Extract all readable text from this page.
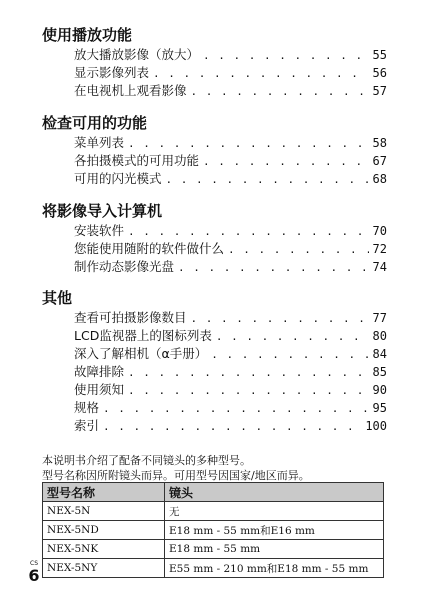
使用播放功能
放大播放影像（放大） . . .	55
显示影像列表 . . .	56
在电视机上观看影像 . . .	57
检查可用的功能
菜单列表 . . .	58
各拍摄模式的可用功能 . . .	67
可用的闪光模式 . . .	68
将影像导入计算机
安装软件 . . .	70
您能使用随附的软件做什么 . . .	72
制作动态影像光盘 . . .	74
其他
查看可拍摄影像数目 . . .	77
LCD监视器上的图标列表 . . .	80
深入了解相机（α手册） . . .	84
故障排除 . . .	85
使用须知 . . .	90
规格 . . .	95
索引 . . .	100
本说明书介绍了配备不同镜头的多种型号。
型号名称因所附镜头而异。可用型号因国家/地区而异。
型号名称	镜头
NEX-5N	无
NEX-5ND	E18 mm - 55 mm和E16 mm
NEX-5NK	E18 mm - 55 mm
NEX-5NY	E55 mm - 210 mm和E18 mm - 55 mm
CS
6
